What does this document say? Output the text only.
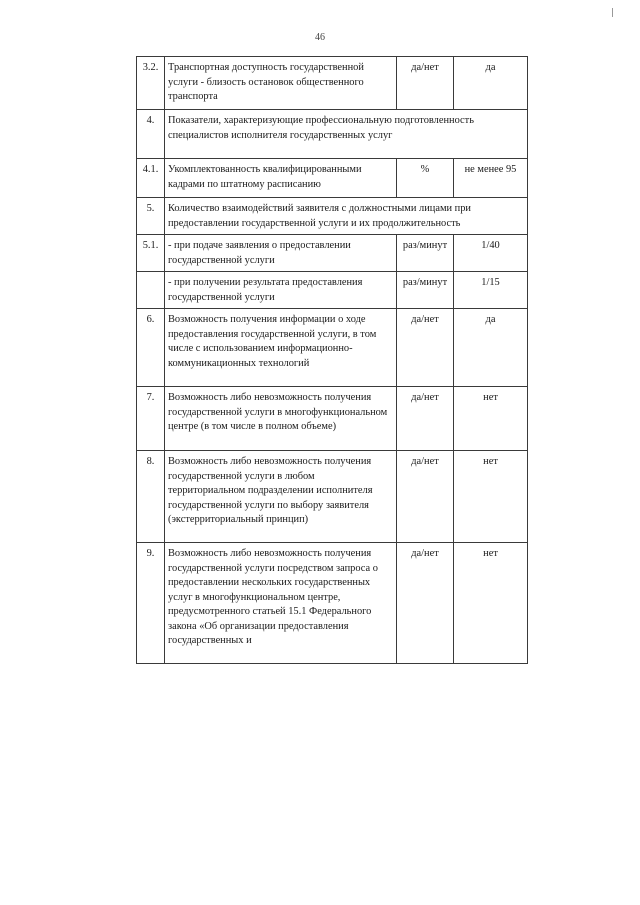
46
3.2.	Транспортная доступность государственной услуги - близость остановок общественного транспорта	да/нет	да
4.	Показатели, характеризующие профессиональную подготовленность специалистов исполнителя государственных услуг		
4.1.	Укомплектованность квалифицированными кадрами по штатному расписанию	%	не менее 95
5.	Количество взаимодействий заявителя с должностными лицами при предоставлении государственной услуги и их продолжительность		
5.1.	- при подаче заявления о предоставлении государственной услуги	раз/минут	1/40
	- при получении результата предоставления государственной услуги	раз/минут	1/15
6.	Возможность получения информации о ходе предоставления государственной услуги, в том числе с использованием информационно-коммуникационных технологий	да/нет	да
7.	Возможность либо невозможность получения государственной услуги в многофункциональном центре (в том числе в полном объеме)	да/нет	нет
8.	Возможность либо невозможность получения государственной услуги в любом территориальном подразделении исполнителя государственной услуги по выбору заявителя (экстерриториальный принцип)	да/нет	нет
9.	Возможность либо невозможность получения государственной услуги посредством запроса о предоставлении нескольких государственных услуг в многофункциональном центре, предусмотренного статьей 15.1 Федерального закона «Об организации предоставления государственных и	да/нет	нет
